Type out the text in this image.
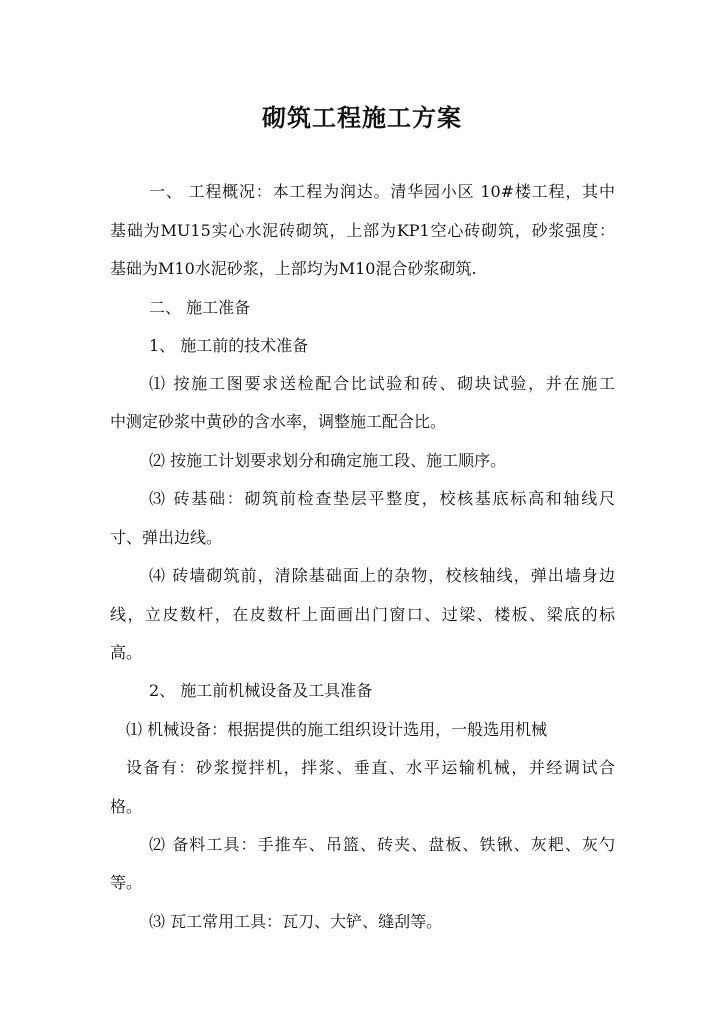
砌筑工程施工方案

一、 工程概况：本工程为润达。清华园小区 10#楼工程，其中

基础为MU15实心水泥砖砌筑，上部为KP1空心砖砌筑，砂浆强度：

基础为M10水泥砂浆，上部均为M10混合砂浆砌筑.

二、 施工准备

1、 施工前的技术准备

⑴ 按施工图要求送检配合比试验和砖、砌块试验，并在施工

中测定砂浆中黄砂的含水率，调整施工配合比。

⑵ 按施工计划要求划分和确定施工段、施工顺序。

⑶ 砖基础：砌筑前检查垫层平整度，校核基底标高和轴线尺

寸、弹出边线。

⑷ 砖墙砌筑前，清除基础面上的杂物，校核轴线，弹出墙身边

线，立皮数杆，在皮数杆上面画出门窗口、过梁、楼板、梁底的标

高。

2、 施工前机械设备及工具准备

⑴ 机械设备：根据提供的施工组织设计选用，一般选用机械

设备有：砂浆搅拌机，拌浆、垂直、水平运输机械，并经调试合

格。

⑵ 备料工具：手推车、吊篮、砖夹、盘板、铁锹、灰耙、灰勺

等。

⑶ 瓦工常用工具：瓦刀、大铲、缝刮等。
